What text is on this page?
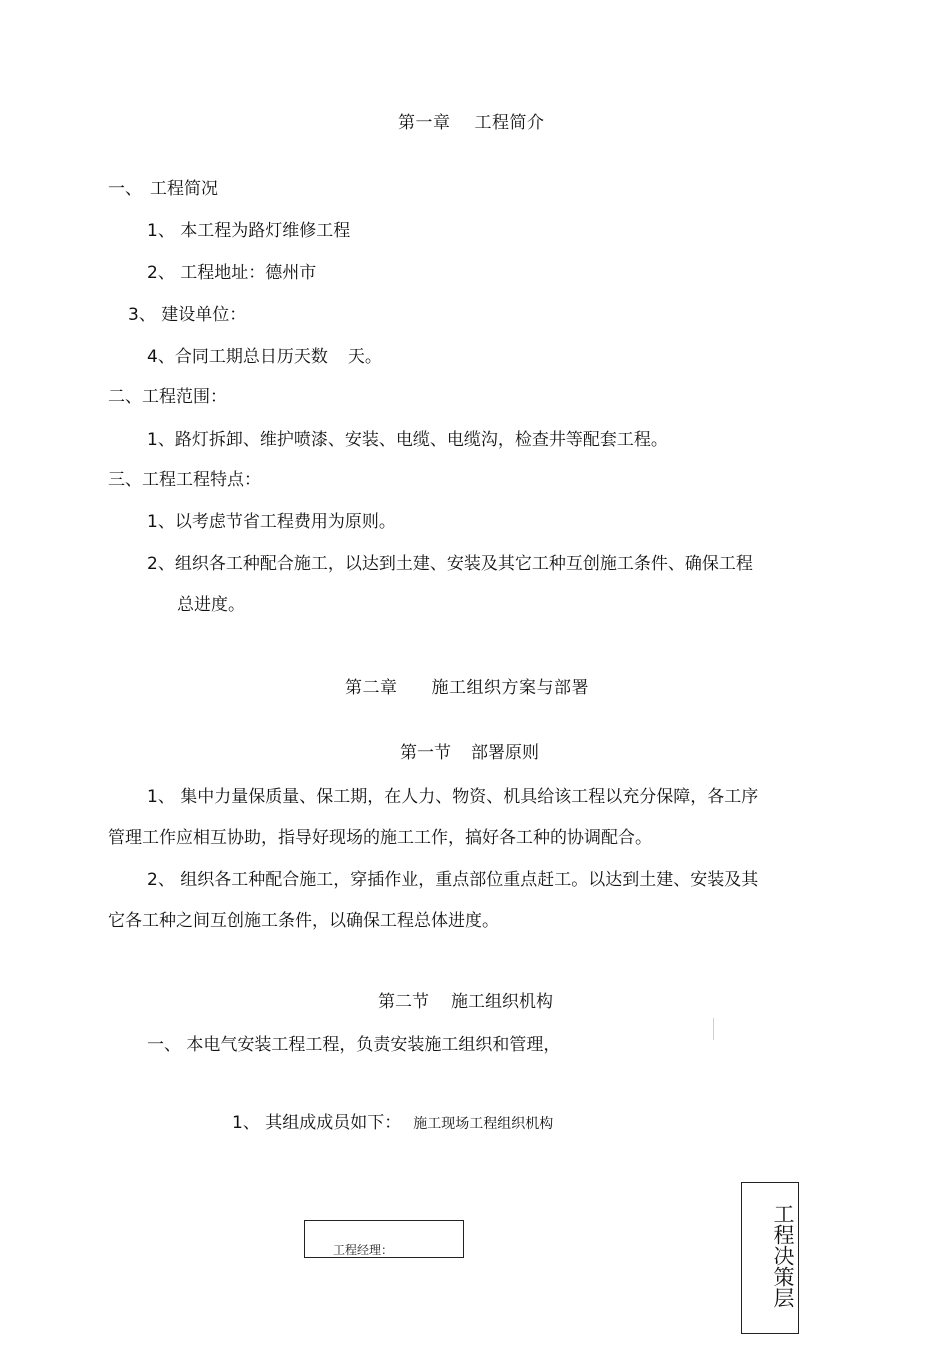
第一章 工程简介
一、 工程简况
1、 本工程为路灯维修工程
2、 工程地址：德州市
3、 建设单位：
4、合同工期总日历天数 天。
二、工程范围：
1、路灯拆卸、维护喷漆、安装、电缆、电缆沟，检查井等配套工程。
三、工程工程特点：
1、以考虑节省工程费用为原则。
2、组织各工种配合施工，以达到土建、安装及其它工种互创施工条件、确保工程
总进度。
第二章 施工组织方案与部署
第一节 部署原则
1、 集中力量保质量、保工期，在人力、物资、机具给该工程以充分保障，各工序
管理工作应相互协助，指导好现场的施工工作，搞好各工种的协调配合。
2、 组织各工种配合施工，穿插作业，重点部位重点赶工。以达到土建、安装及其
它各工种之间互创施工条件，以确保工程总体进度。
第二节 施工组织机构
一、 本电气安装工程工程，负责安装施工组织和管理，
1、 其组成成员如下： 施工现场工程组织机构
工程经理：	工程决策层
